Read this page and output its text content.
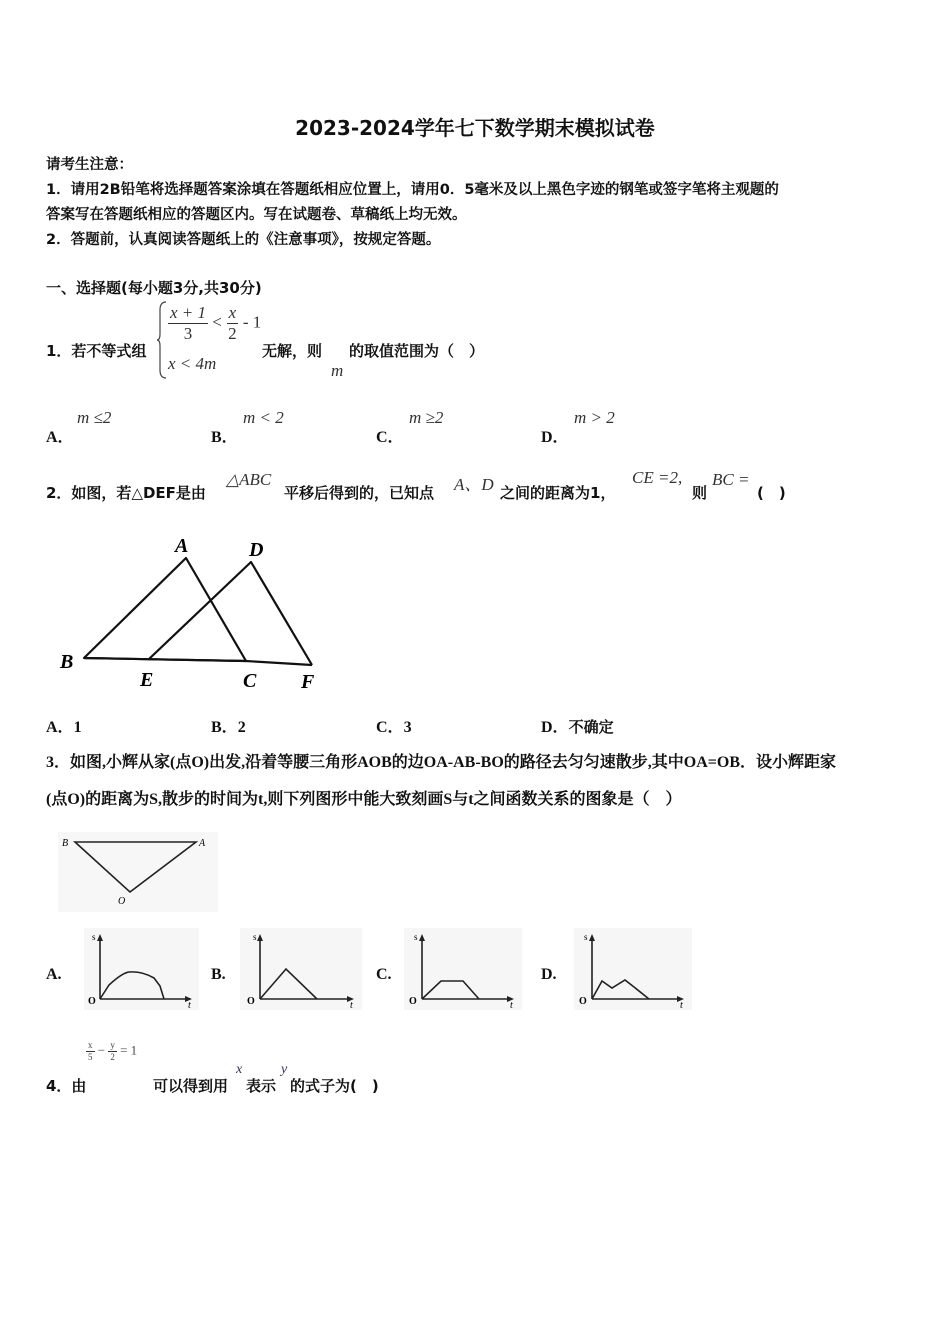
2023-2024学年七下数学期末模拟试卷
请考生注意：
1．请用2B铅笔将选择题答案涂填在答题纸相应位置上，请用0．5毫米及以上黑色字迹的钢笔或签字笔将主观题的
答案写在答题纸相应的答题区内。写在试题卷、草稿纸上均无效。
2．答题前，认真阅读答题纸上的《注意事项》，按规定答题。
一、选择题(每小题3分,共30分)
1．若不等式组
$\frac{x + 1}{3} < \frac{x}{2} - 1$
x < 4m
无解，则
m
的取值范围为（　）
A．
m ≤2
B．
m < 2
C．
m ≥2
D．
m > 2
2．如图，若△DEF是由
△ABC
平移后得到的，已知点 A、D 之间的距离为1，
CE =2,
则
BC =
(　)
A	D
B
E	C F
A．1	B．2	C．3	D．不确定
3．如图,小辉从家(点O)出发,沿着等腰三角形AOB的边OA-AB-BO的路径去匀匀速散步,其中OA=OB．设小辉距家
(点O)的距离为S,散步的时间为t,则下列图形中能大致刻画S与t之间函数关系的图象是（　）
B	A
O
A.
s
O	t
B.
s
O	t
C.
s
O	t
D.
s
O	t
$\frac{x}{5} - \frac{y}{2} = 1$
4．由	可以得到用
x
表示
y
的式子为(　)
